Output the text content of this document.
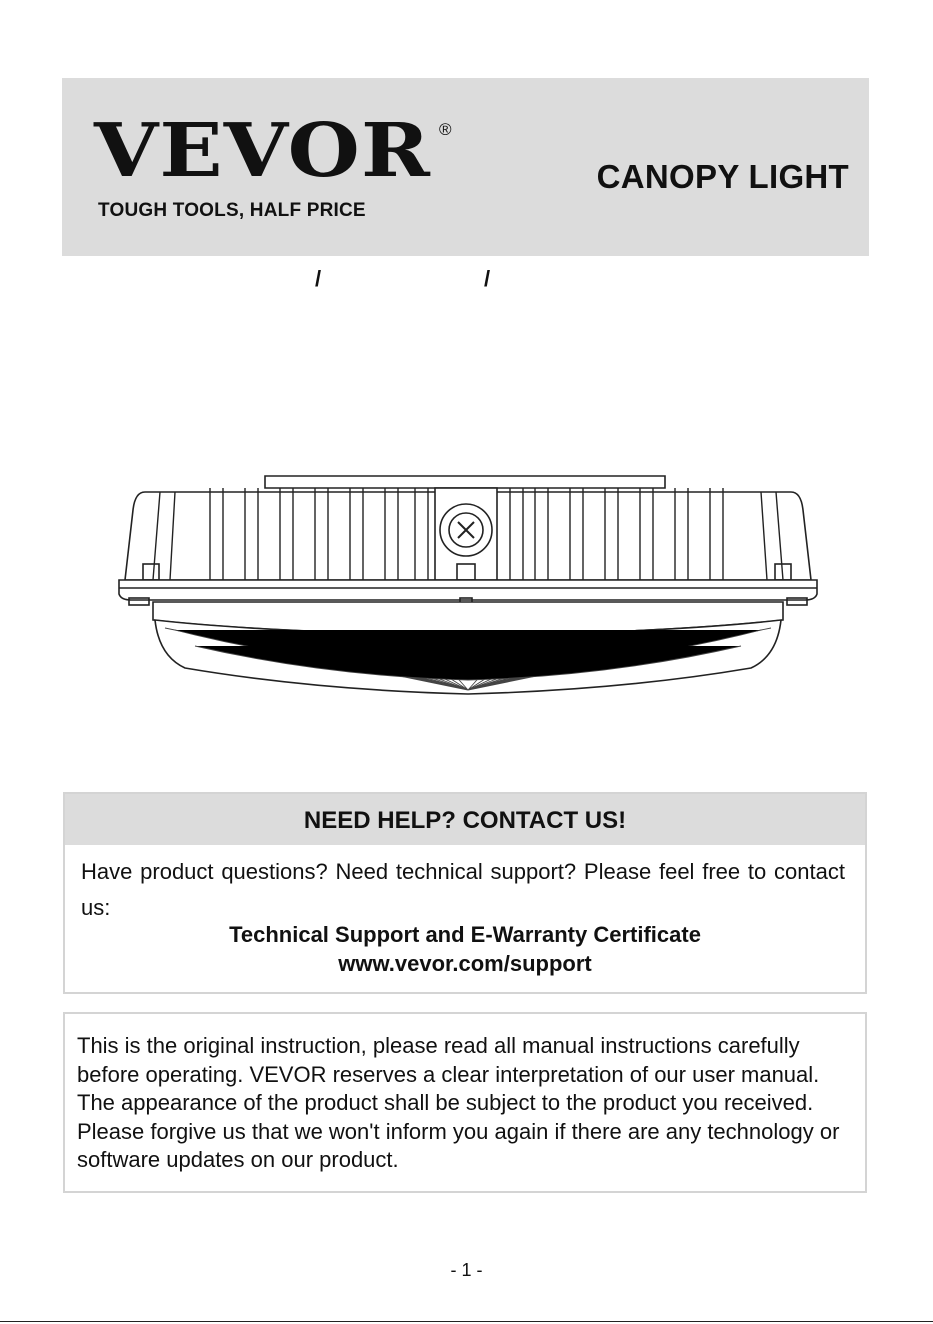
VEVOR ®
TOUGH TOOLS, HALF PRICE
CANOPY LIGHT
/	/
NEED HELP? CONTACT US!
Have product questions? Need technical support? Please feel free to contact us:
Technical Support and E-Warranty Certificate
www.vevor.com/support
This is the original instruction, please read all manual instructions carefully before operating. VEVOR reserves a clear interpretation of our user manual. The appearance of the product shall be subject to the product you received. Please forgive us that we won't inform you again if there are any technology or software updates on our product.
- 1 -
